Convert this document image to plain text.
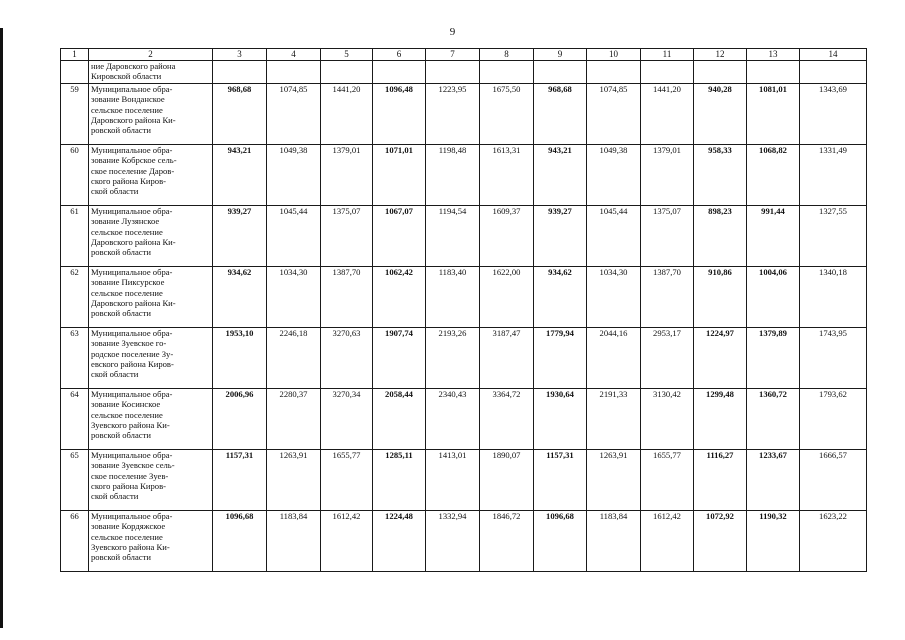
9
1	2	3	4	5	6	7	8	9	10	11	12	13	14

	ние Даровского района
Кировской области												

59	Муниципальное обра-
зование Вонданское
сельское поселение
Даровского района Ки-
ровской области	968,68	1074,85	1441,20	1096,48	1223,95	1675,50	968,68	1074,85	1441,20	940,28	1081,01	1343,69
60	Муниципальное обра-
зование Кобрское сель-
ское поселение Даров-
ского района Киров-
ской области	943,21	1049,38	1379,01	1071,01	1198,48	1613,31	943,21	1049,38	1379,01	958,33	1068,82	1331,49
61	Муниципальное обра-
зование Лузянское
сельское поселение
Даровского района Ки-
ровской области	939,27	1045,44	1375,07	1067,07	1194,54	1609,37	939,27	1045,44	1375,07	898,23	991,44	1327,55
62	Муниципальное обра-
зование Пиксурское
сельское поселение
Даровского района Ки-
ровской области	934,62	1034,30	1387,70	1062,42	1183,40	1622,00	934,62	1034,30	1387,70	910,86	1004,06	1340,18
63	Муниципальное обра-
зование Зуевское го-
родское поселение Зу-
евского района Киров-
ской области	1953,10	2246,18	3270,63	1907,74	2193,26	3187,47	1779,94	2044,16	2953,17	1224,97	1379,89	1743,95
64	Муниципальное обра-
зование Косинское
сельское поселение
Зуевского района Ки-
ровской области	2006,96	2280,37	3270,34	2058,44	2340,43	3364,72	1930,64	2191,33	3130,42	1299,48	1360,72	1793,62
65	Муниципальное обра-
зование Зуевское сель-
ское поселение Зуев-
ского района Киров-
ской области	1157,31	1263,91	1655,77	1285,11	1413,01	1890,07	1157,31	1263,91	1655,77	1116,27	1233,67	1666,57
66	Муниципальное обра-
зование Кордяжское
сельское поселение
Зуевского района Ки-
ровской области	1096,68	1183,84	1612,42	1224,48	1332,94	1846,72	1096,68	1183,84	1612,42	1072,92	1190,32	1623,22
